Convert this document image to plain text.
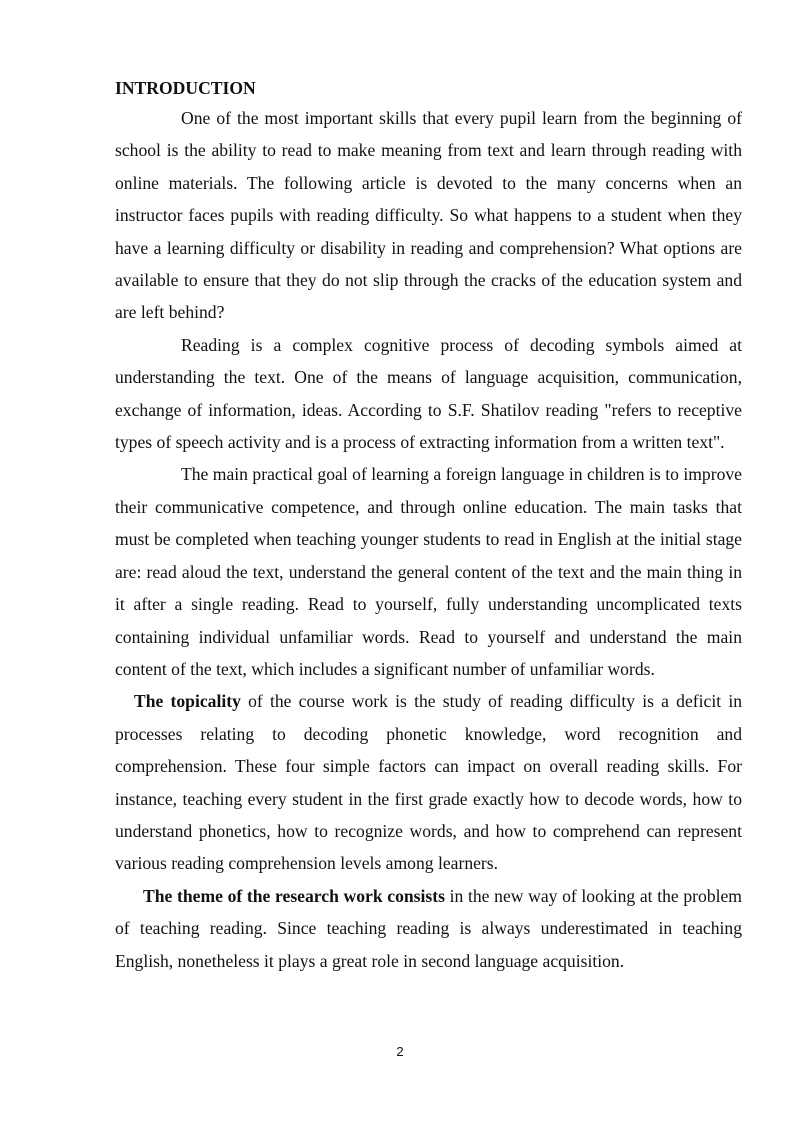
INTRODUCTION

One of the most important skills that every pupil learn from the beginning of school is the ability to read to make meaning from text and learn through reading with online materials. The following article is devoted to the many concerns when an instructor faces pupils with reading difficulty. So what happens to a student when they have a learning difficulty or disability in reading and comprehension? What options are available to ensure that they do not slip through the cracks of the education system and are left behind?

Reading is a complex cognitive process of decoding symbols aimed at understanding the text. One of the means of language acquisition, communication, exchange of information, ideas. According to S.F. Shatilov reading "refers to receptive types of speech activity and is a process of extracting information from a written text".

The main practical goal of learning a foreign language in children is to improve their communicative competence, and through online education. The main tasks that must be completed when teaching younger students to read in English at the initial stage are: read aloud the text, understand the general content of the text and the main thing in it after a single reading. Read to yourself, fully understanding uncomplicated texts containing individual unfamiliar words. Read to yourself and understand the main content of the text, which includes a significant number of unfamiliar words.

The topicality of the course work is the study of reading difficulty is a deficit in processes relating to decoding phonetic knowledge, word recognition and comprehension. These four simple factors can impact on overall reading skills. For instance, teaching every student in the first grade exactly how to decode words, how to understand phonetics, how to recognize words, and how to comprehend can represent various reading comprehension levels among learners.

The theme of the research work consists in the new way of looking at the problem of teaching reading. Since teaching reading is always underestimated in teaching English, nonetheless it plays a great role in second language acquisition.

2
